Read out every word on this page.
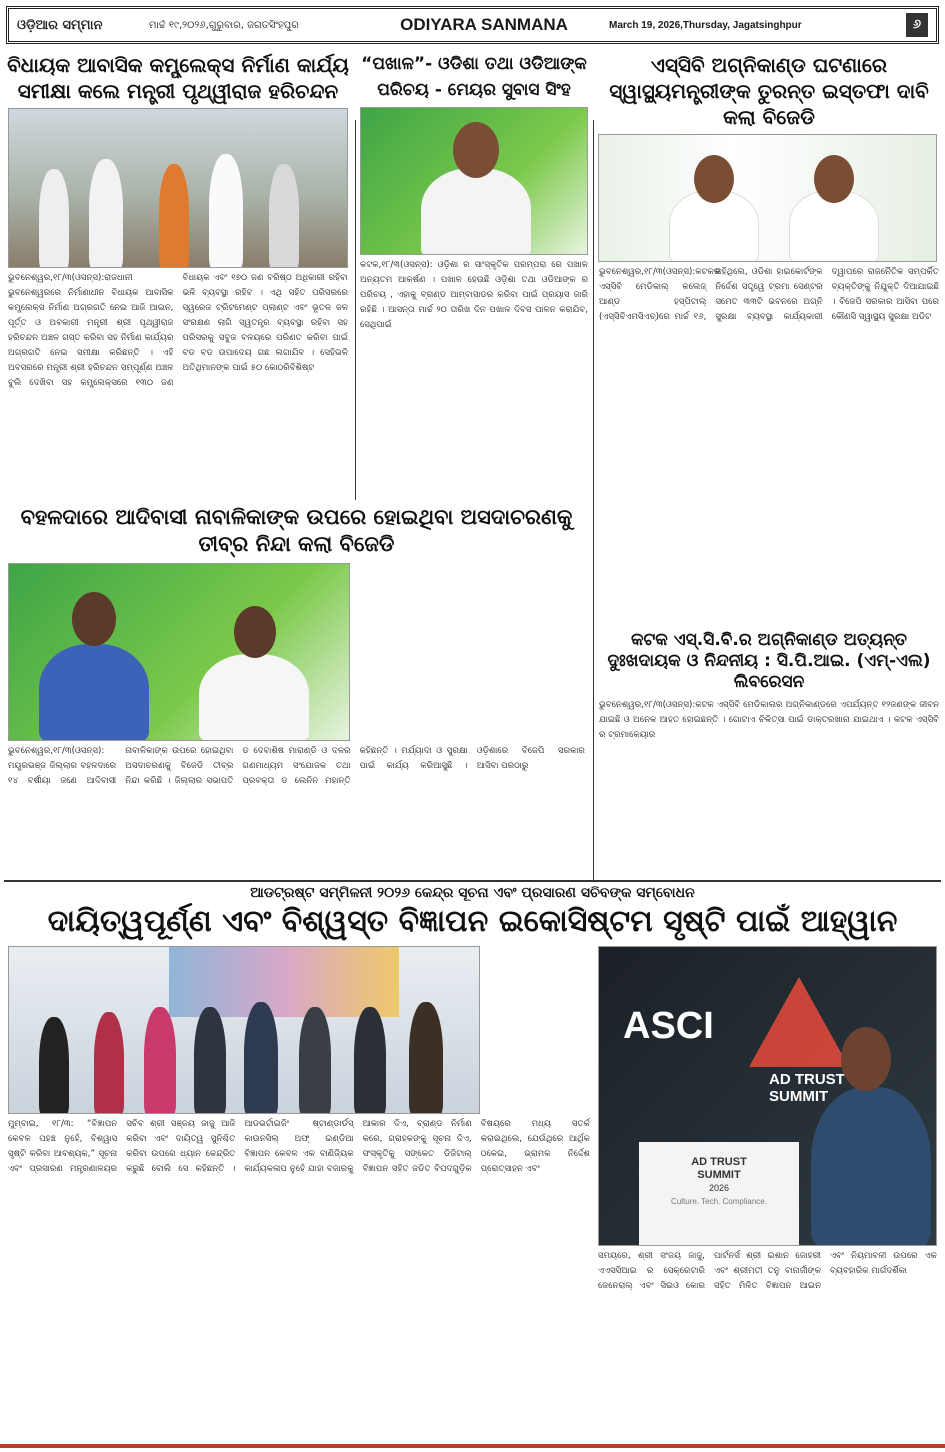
ଓଡ଼ିଆର ସମ୍ମାନ	ମାର୍ଚ୍ଚ ୧୯,୨୦୨୬,ଗୁରୁବାର, ଜଗତସିଂହପୁର	ODIYARA SANMANA	March 19, 2026,Thursday, Jagatsinghpur	୬
ବିଧାୟକ ଆବାସିକ କମ୍ପ୍ଲେକ୍ସ ନିର୍ମାଣ କାର୍ଯ୍ୟ ସମୀକ୍ଷା କଲେ ମନ୍ତ୍ରୀ ପୃଥ୍ୱୀରାଜ ହରିଚନ୍ଦନ
ଭୁବନେଶ୍ୱର,୧୮/୩(ଓସନ୍ସ):ରାଜଧାନୀ ଭୁବନେଶ୍ୱରରେ ନିର୍ମାଣାଧୀନ ବିଧାୟକ ଆବାସିକ କମ୍ପ୍ଲେକ୍ସ ନିର୍ମାଣ ଅଗ୍ରଗତି ନେଇ ଆଜି ଆଇନ, ପୂର୍ତ୍ତ ଓ ଅବକାରୀ ମନ୍ତ୍ରୀ ଶ୍ରୀ ପୃଥ୍ୱୀରାଜ ହରିଚନ୍ଦନ ଅଞ୍ଚଳ ଗସ୍ତ କରିବା ସହ ନିର୍ମାଣ କାର୍ଯ୍ୟର ଅଗ୍ରଗତି ନେଇ ସମୀକ୍ଷା କରିଛନ୍ତି । ଏହି ଅବସରରେ ମନ୍ତ୍ରୀ ଶ୍ରୀ ହରିଚନ୍ଦନ ସମ୍ପୂର୍ଣ୍ଣ ଅଞ୍ଚଳ ବୁଲି ଦେଖିବା ସହ କମ୍ପ୍ଲେକ୍ସରେ ୧୩୦ ଜଣ ବିଧାୟକ ଏବଂ ୧୭୦ ଜଣ ବରିଷ୍ଠ ଅଧିକାରୀ ରହିବା ଭଳି ବ୍ୟବସ୍ଥା ରହିବ । ଏଥି ସହିତ ପରିସରରେ ସ୍ୱରେଜ ଟ୍ରିଟମେଣ୍ଟ ପ୍ଲାଣ୍ଟ ଏବଂ ଭୂତଳ ଜଳ ସଂରକ୍ଷଣ ଲାଗି ସ୍ୱତନ୍ତ୍ର ବ୍ୟବସ୍ଥା ରହିବା ସହ ପରିସରକୁ ସବୁଜ ବଳୟରେ ପରିଣତ କରିବା ପାଇଁ ବଡ ବଡ ଉପାଦେୟ ଗଛ ଲଗାଯିବ । ସେହିଭଳି ଅତିଥିମାନଙ୍କ ପାଇଁ ୫୦ କୋଠରିବିଶିଷ୍ଟ
“ପଖାଳ”- ଓଡିଶା ତଥା ଓଡିଆଙ୍କ ପରିଚୟ - ମେୟର ସୁବାସ ସିଂହ
କଟକ,୧୮/୩(ଓସନ୍ସ): ଓଡ଼ିଶା ର ସାଂସ୍କୃତିକ ପରମ୍ପରା ରେ ପଖାଳ ଅନ୍ୟତମ ଆକର୍ଷଣ । ପଖାଳ ହେଉଛି ଓଡ଼ିଶା ତଥା ଓଡିଆଙ୍କ ର ପରିଚୟ , ଏହାକୁ ବ୍ରାଣ୍ଡ ଆମ୍ବାସାଡର କରିବା ପାଇଁ ପ୍ରୟାସ ଜାରି ରହିଛି । ଆସନ୍ତା ମାର୍ଚ୍ଚ ୨୦ ତାରିଖ ଦିନ ପଖାଳ ଦିବସ ପାଳନ କରାଯିବ, ସେଥିପାଇଁ
ଏସ୍‌ସିବି ଅଗ୍ନିକାଣ୍ଡ ଘଟଣାରେ ସ୍ୱାସ୍ଥ୍ୟମନ୍ତ୍ରୀଙ୍କ ତୁରନ୍ତ ଇସ୍ତଫା ଦାବି କଲା ବିଜେଡି
ଭୁବନେଶ୍ୱର,୧୮/୩(ଓସନ୍ସ):କଟକର ଏସ୍‌ସିବି ମେଡିକାଲ୍ କଲେଜ୍ ଆଣ୍ଡ ହସ୍ପିଟାଲ୍ (ଏସ୍‌ସିବିଏମସିଏଚ୍)ରେ ମାର୍ଚ୍ଚ ୧୬, କହିଥିଲେ, ଓଡିଶା ହାଇକୋର୍ଟଙ୍କ ନିର୍ଦ୍ଦେଶ ସତ୍ତ୍ୱେ ଟ୍ରମା ସେଣ୍ଟର ସମେତ ୩୩ଟି ଭବନରେ ଅଗ୍ନି ସୁରକ୍ଷା ବ୍ୟବସ୍ଥା କାର୍ଯ୍ୟକାରୀ ଦ୍ୱାପରେ ରାଜନୈତିକ ସମ୍ପର୍କିତ ବ୍ୟକ୍ତିଙ୍କୁ ନିଯୁକ୍ତି ଦିଆଯାଇଛି । ବିଜେପି ସରକାର ଆସିବା ପରେ କୌଣସି ସ୍ୱାସ୍ଥ୍ୟ ସୁରକ୍ଷା ଅଡିଟ
କଟକ ଏସ୍.ସି.ବି.ର ଅଗ୍ନିକାଣ୍ଡ ଅତ୍ୟନ୍ତ ଦୁଃଖଦାୟକ ଓ ନିନ୍ଦନୀୟ : ସି.ପି.ଆଇ. (ଏମ୍-ଏଲ) ଲିବରେସନ
ଭୁବନେଶ୍ୱର,୧୮/୩(ଓସନ୍ସ):କଟକ ଏସ୍‌ସିବି ମେଡିକାଲର ଅଗ୍ନିକାଣ୍ଡରେ ଏପର୍ଯ୍ୟନ୍ତ ୧୨ଜଣଙ୍କ ଜୀବନ ଯାଇଛି ଓ ଅନେକ ଆହତ ହୋଇଛନ୍ତି । ଗୋଟାଏ ଚିକିତ୍ସା ପାଇଁ ଡାକ୍ତରଖାନା ଯାଇଥାଏ । କଟକ ଏସ୍‌ସିବି ର ଟ୍ରମାକେୟାର
ବହଳଦାରେ ଆଦିବାସୀ ନାବାଳିକାଙ୍କ ଉପରେ ହୋଇଥିବା ଅସଦାଚରଣକୁ ତୀବ୍ର ନିନ୍ଦା କଲା ବିଜେଡି
ଭୁବନେଶ୍ୱର,୧୮/୩(ଓସନ୍ସ): ମୟୂରଭଞ୍ଜ ଜିଲ୍ଲାର ବହଳଦାରେ ୧୪ ବର୍ଷୀୟା ଜଣେ ଆଦିବାସୀ ନାବାଳିକାଙ୍କ ଉପରେ ହୋଇଥିବା ଅସଦାଚରଣକୁ ବିଜେଡି ତୀବ୍ର ନିନ୍ଦା କରିଛି । ଜିଲ୍ଲାର ସଭାପତି ଡ ଦେବାଶିଷ ମାରାଣ୍ଡି ଓ ଦଳର ଗଣମାଧ୍ୟମ ସଂଯୋଜକ ତଥା ପ୍ରବକ୍ତା ଡ ଲେନିନ ମହାନ୍ତି କହିଛନ୍ତି । ମର୍ଯ୍ୟାଦା ଓ ସୁରକ୍ଷା ପାଇଁ କାର୍ଯ୍ୟ କରିଆସୁଛି । ଓଡ଼ିଶାରେ ବିଜେପି ସରକାର ଆସିବା ପରଠାରୁ
ଆଡଟ୍ରଷ୍ଟ ସମ୍ମିଳନୀ ୨୦୨୬ କେନ୍ଦ୍ର ସୂଚନା ଏବଂ ପ୍ରସାରଣ ସଚିବଙ୍କ ସମ୍ବୋଧନ
ଦାୟିତ୍ୱପୂର୍ଣ୍ଣ ଏବଂ ବିଶ୍ୱସ୍ତ ବିଜ୍ଞାପନ ଇକୋସିଷ୍ଟମ ସୃଷ୍ଟି ପାଇଁ ଆହ୍ୱାନ
ମୁମ୍ବାଇ, ୧୮/୩: “ବିଜ୍ଞାପନ କେବଳ ପହଞ୍ଚ ନୁହେଁ, ବିଶ୍ୱାସ ସୃଷ୍ଟି କରିବା ଆବଶ୍ୟକ,” ସୂଚନା ଏବଂ ପ୍ରସାରଣ ମନ୍ତ୍ରଣାଳୟର ସଚିବ ଶ୍ରୀ ସଞ୍ଜୟ ଜାଜୁ ଆଜି କରିବା ଏବଂ ଦାୟିତ୍ୱ ସୁନିଶ୍ଚିତ କରିବା ଉପରେ ଧ୍ୟାନ କେନ୍ଦ୍ରିତ କରୁଛି ବୋଲି ସେ କହିଛନ୍ତି । ଆଡଭର୍ଟାଇଜିଂ ଷ୍ଟାଣ୍ଡାର୍ଡସ୍ କାଉନସିଲ୍ ଅଫ୍ ଇଣ୍ଡିଆ ବିଜ୍ଞାପନ କେବଳ ଏକ ବାଣିଜ୍ୟିକ କାର୍ଯ୍ୟକଳାପ ନୁହେଁ ଯାହା ବଜାରକୁ ଆକାର ଦିଏ, ବ୍ରାଣ୍ଡ ନିର୍ମାଣ କରେ, ଗ୍ରାହକଙ୍କୁ ସୂଚନା ଦିଏ, ସଂସ୍କୃତିକୁ ସଙ୍କେତ ଡିଜିଟାଲ୍ ବିଜ୍ଞାପନ ସହିତ ଜଡିତ ବିପଦଗୁଡ଼ିକ ବିଷୟରେ ମଧ୍ୟ ସତର୍କ କରାଇଥିଲେ, ଯେଉଁଥିରେ ଆର୍ଥିକ ଠକେଇ, ଭ୍ରାମକ ନିର୍ଦ୍ଦେଶ ପ୍ରୋତ୍ସାହନ ଏବଂ
ASCI
AD TRUST SUMMIT
AD TRUST SUMMIT
2026
Culture. Tech. Compliance.
ସମୟରେ, ଶ୍ରୀ ସଂଜୟ ଜାଜୁ, ଏଏସସିଆଇ ର ସେକ୍ରେଟାରି ଜେନେରାଲ୍ ଏବଂ ସିଇଓ କୋର ପାର୍ଟନର୍ସ ଶ୍ରୀ ଇଶାନ ଜୋହରୀ ଏବଂ ଶ୍ରୀମତୀ ତନୁ ବାନାର୍ଜୀଙ୍କ ସହିତ ମିଳିତ ବିଜ୍ଞାପନ ଆଇନ ଏବଂ ନିୟମାବଳୀ ଉପରେ ଏକ ବ୍ୟବହାରିକ ମାର୍ଗଦର୍ଶିକା
